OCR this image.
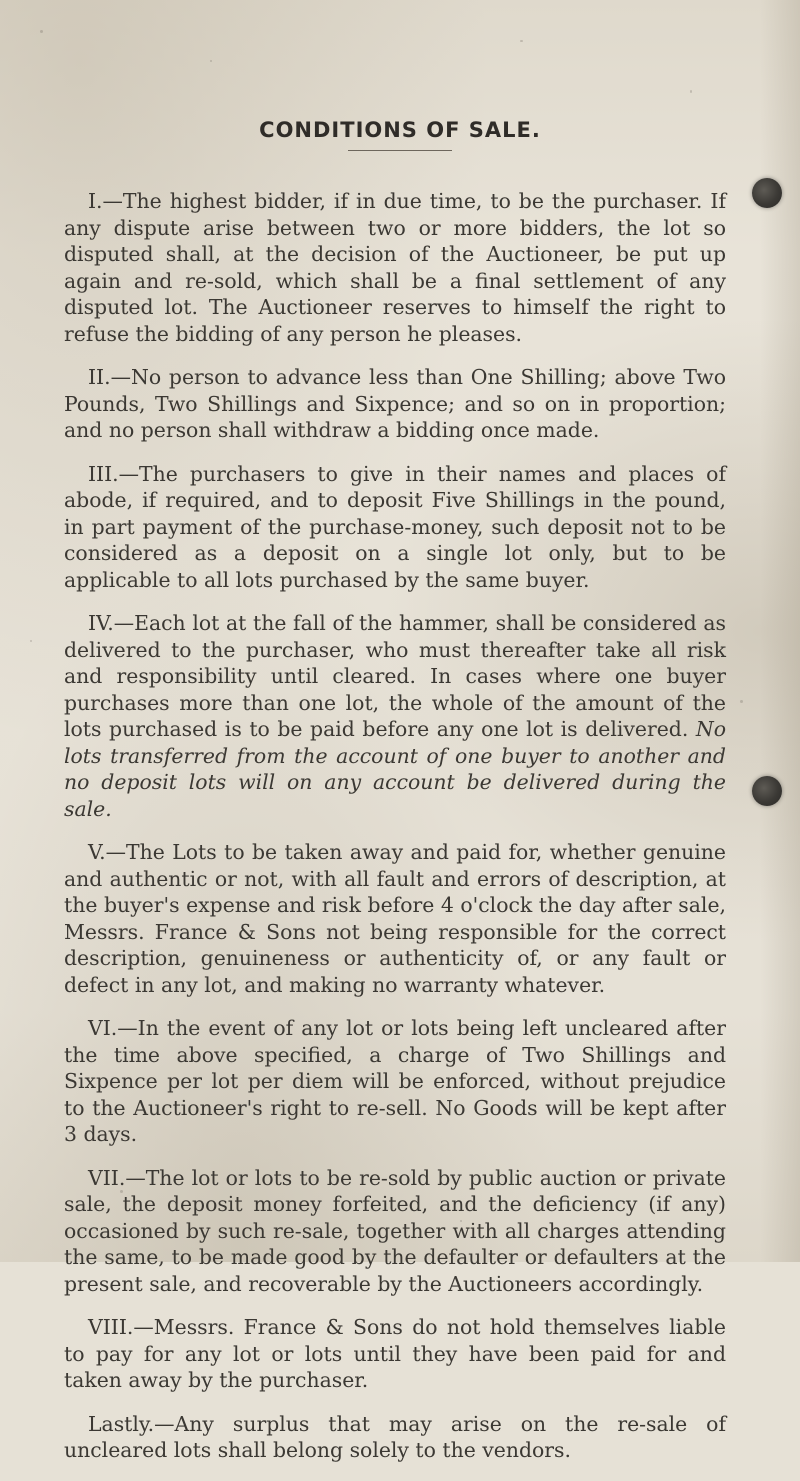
CONDITIONS OF SALE.

I.—The highest bidder, if in due time, to be the purchaser. If any dispute arise between two or more bidders, the lot so disputed shall, at the decision of the Auctioneer, be put up again and re-sold, which shall be a final settlement of any disputed lot. The Auctioneer reserves to himself the right to refuse the bidding of any person he pleases.

II.—No person to advance less than One Shilling; above Two Pounds, Two Shillings and Sixpence; and so on in proportion; and no person shall withdraw a bidding once made.

III.—The purchasers to give in their names and places of abode, if required, and to deposit Five Shillings in the pound, in part payment of the purchase-money, such deposit not to be considered as a deposit on a single lot only, but to be applicable to all lots purchased by the same buyer.

IV.—Each lot at the fall of the hammer, shall be considered as delivered to the purchaser, who must thereafter take all risk and responsibility until cleared. In cases where one buyer purchases more than one lot, the whole of the amount of the lots purchased is to be paid before any one lot is delivered. No lots transferred from the account of one buyer to another and no deposit lots will on any account be delivered during the sale.

V.—The Lots to be taken away and paid for, whether genuine and authentic or not, with all fault and errors of description, at the buyer's expense and risk before 4 o'clock the day after sale, Messrs. France & Sons not being responsible for the correct description, genuineness or authenticity of, or any fault or defect in any lot, and making no warranty whatever.

VI.—In the event of any lot or lots being left uncleared after the time above specified, a charge of Two Shillings and Sixpence per lot per diem will be enforced, without prejudice to the Auctioneer's right to re-sell. No Goods will be kept after 3 days.

VII.—The lot or lots to be re-sold by public auction or private sale, the deposit money forfeited, and the deficiency (if any) occasioned by such re-sale, together with all charges attending the same, to be made good by the defaulter or defaulters at the present sale, and recoverable by the Auctioneers accordingly.

VIII.—Messrs. France & Sons do not hold themselves liable to pay for any lot or lots until they have been paid for and taken away by the purchaser.

Lastly.—Any surplus that may arise on the re-sale of uncleared lots shall belong solely to the vendors.
